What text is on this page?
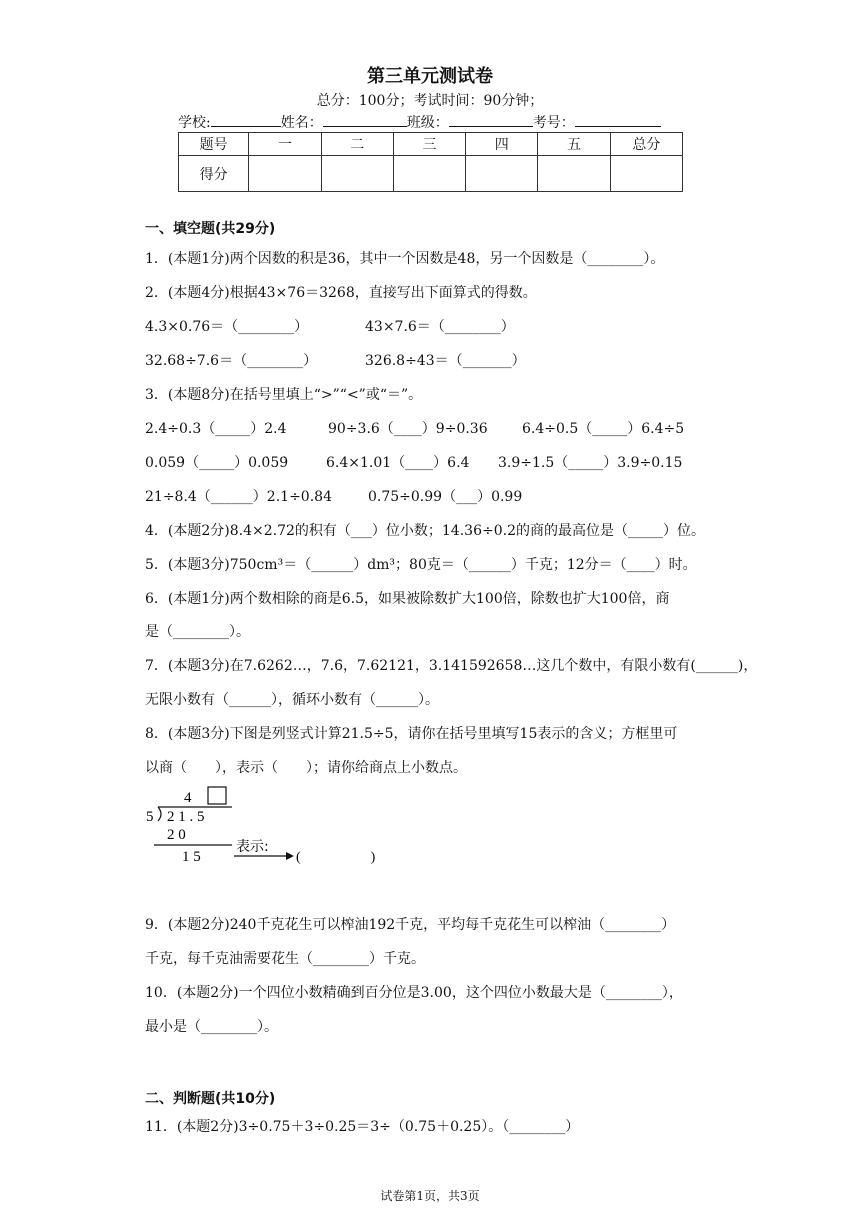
第三单元测试卷
总分：100分；考试时间：90分钟；
学校:	姓名：	班级：	考号：
题号	一	二	三	四	五	总分
得分						
一、填空题(共29分)
1．(本题1分)两个因数的积是36，其中一个因数是48，另一个因数是（________）。
2．(本题4分)根据43×76＝3268，直接写出下面算式的得数。
4.3×0.76＝（________）	43×7.6＝（________）
32.68÷7.6＝（________）	326.8÷43＝（_______）
3．(本题8分)在括号里填上“>”“<”或“＝”。
2.4÷0.3（_____）2.4	90÷3.6（____）9÷0.36 6.4÷0.5（_____）6.4÷5
0.059̇（_____）0.0̇59̇	6.4×1.01（____）6.4 3.9÷1.5（_____）3.9÷0.15
21÷8.4（______）2.1÷0.84	0.75÷0.99（___）0.99
4．(本题2分)8.4×2.72的积有（___）位小数；14.36÷0.2的商的最高位是（_____）位。
5．(本题3分)750cm³＝（______）dm³；80克＝（______）千克；12分＝（____）时。
6．(本题1分)两个数相除的商是6.5，如果被除数扩大100倍，除数也扩大100倍，商
是（________）。
7．(本题3分)在7.6262…，7.6̇，7.62121，3.141592658…这几个数中，有限小数有(______)，
无限小数有（______），循环小数有（______）。
8．(本题3分)下图是列竖式计算21.5÷5，请你在括号里填写15表示的含义；方框里可
以商（　　），表示（　　）；请你给商点上小数点。
4
5 2 1 . 5
2 0
1 5
表示:
(　　　　　)
9．(本题2分)240千克花生可以榨油192千克，平均每千克花生可以榨油（________）
千克，每千克油需要花生（________）千克。
10．(本题2分)一个四位小数精确到百分位是3.00，这个四位小数最大是（________），
最小是（________）。
二、判断题(共10分)
11．(本题2分)3÷0.75＋3÷0.25＝3÷（0.75＋0.25）。（________）
试卷第1页，共3页
